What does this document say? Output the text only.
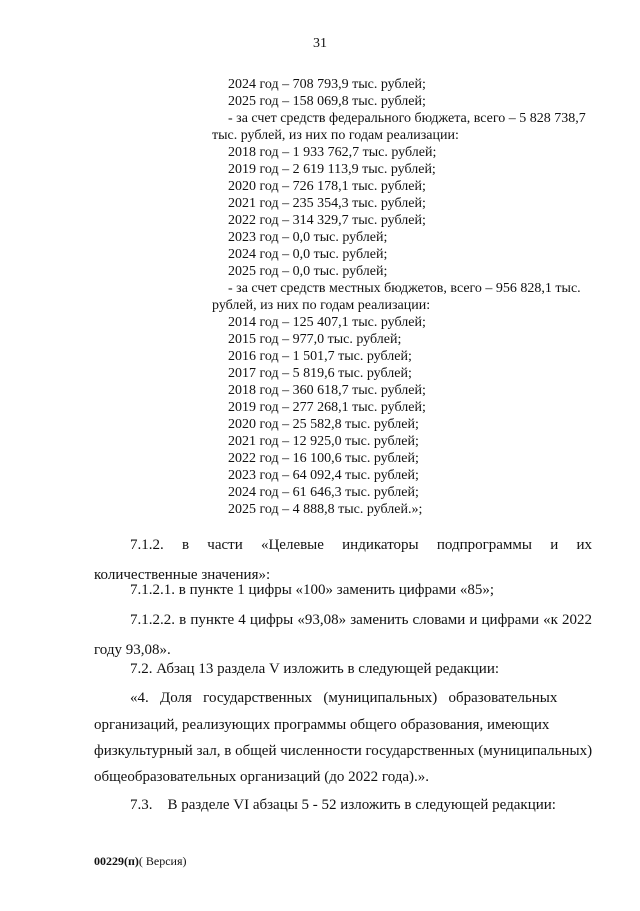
31
2024 год – 708 793,9 тыс. рублей;
2025 год – 158 069,8 тыс. рублей;
- за счет средств федерального бюджета, всего – 5 828 738,7
тыс. рублей, из них по годам реализации:
2018 год – 1 933 762,7 тыс. рублей;
2019 год – 2 619 113,9 тыс. рублей;
2020 год – 726 178,1 тыс. рублей;
2021 год – 235 354,3 тыс. рублей;
2022 год – 314 329,7 тыс. рублей;
2023 год – 0,0 тыс. рублей;
2024 год – 0,0 тыс. рублей;
2025 год – 0,0 тыс. рублей;
- за счет средств местных бюджетов, всего – 956 828,1 тыс.
рублей, из них по годам реализации:
2014 год – 125 407,1 тыс. рублей;
2015 год – 977,0 тыс. рублей;
2016 год – 1 501,7 тыс. рублей;
2017 год – 5 819,6 тыс. рублей;
2018 год – 360 618,7 тыс. рублей;
2019 год – 277 268,1 тыс. рублей;
2020 год – 25 582,8 тыс. рублей;
2021 год – 12 925,0 тыс. рублей;
2022 год – 16 100,6 тыс. рублей;
2023 год – 64 092,4 тыс. рублей;
2024 год – 61 646,3 тыс. рублей;
2025 год – 4 888,8 тыс. рублей.»;
7.1.2. в части «Целевые индикаторы подпрограммы и их количественные значения»:
7.1.2.1. в пункте 1 цифры «100» заменить цифрами «85»;
7.1.2.2. в пункте 4 цифры «93,08» заменить словами и цифрами «к 2022 году 93,08».
7.2. Абзац 13 раздела V изложить в следующей редакции:
«4.   Доля   государственных   (муниципальных)   образовательных
организаций, реализующих программы общего образования, имеющих
физкультурный зал, в общей численности государственных (муниципальных)
общеобразовательных организаций (до 2022 года).».
7.3.    В разделе VI абзацы 5 - 52 изложить в следующей редакции:
00229(п)( Версия)
